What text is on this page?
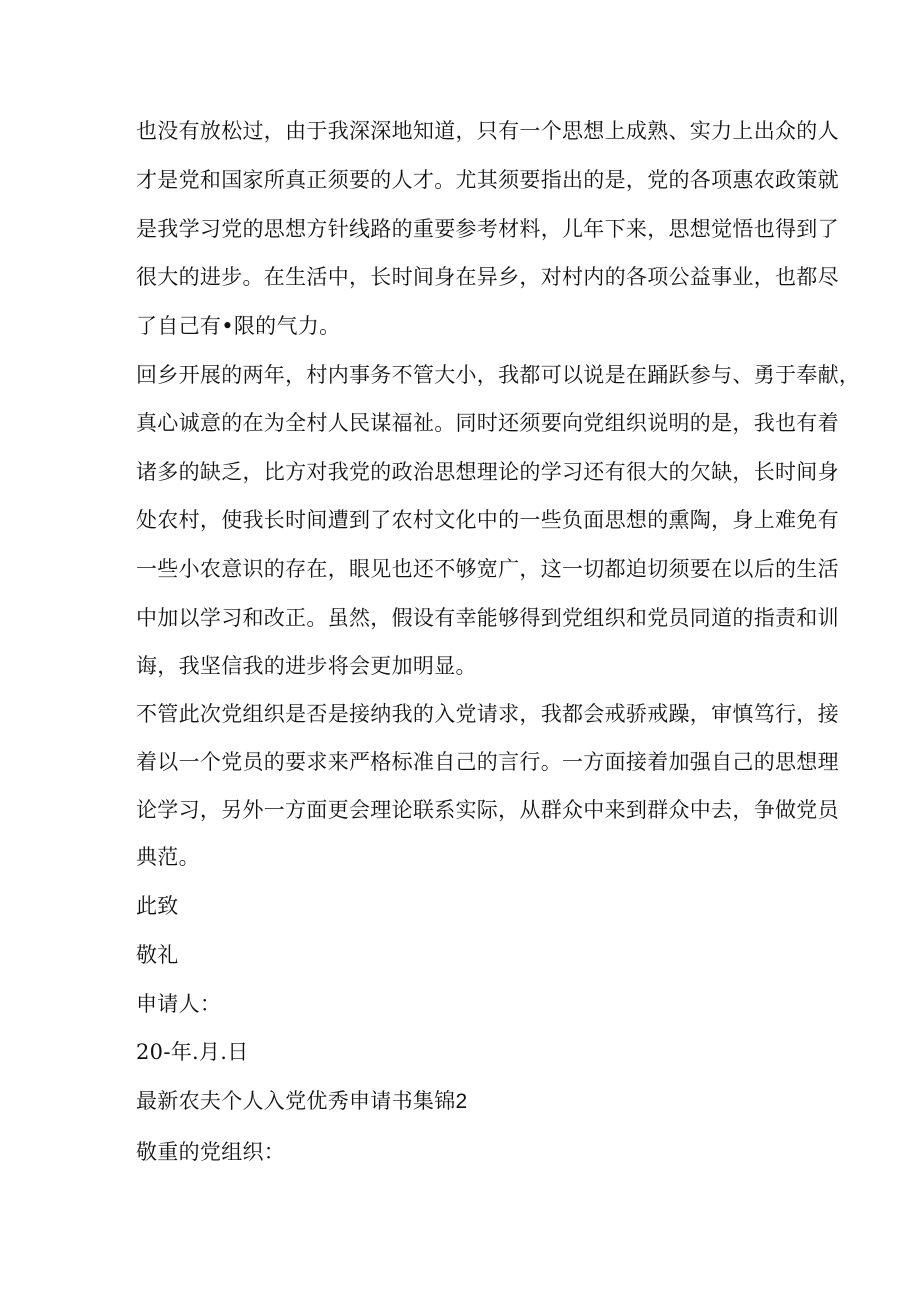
也没有放松过，由于我深深地知道，只有一个思想上成熟、实力上出众的人
才是党和国家所真正须要的人才。尤其须要指出的是，党的各项惠农政策就
是我学习党的思想方针线路的重要参考材料，儿年下来，思想觉悟也得到了
很大的进步。在生活中，长时间身在异乡，对村内的各项公益事业，也都尽
了自己有•限的气力。
回乡开展的两年，村内事务不管大小，我都可以说是在踊跃参与、勇于奉献，
真心诚意的在为全村人民谋福祉。同时还须要向党组织说明的是，我也有着
诸多的缺乏，比方对我党的政治思想理论的学习还有很大的欠缺，长时间身
处农村，使我长时间遭到了农村文化中的一些负面思想的熏陶，身上难免有
一些小农意识的存在，眼见也还不够宽广，这一切都迫切须要在以后的生活
中加以学习和改正。虽然，假设有幸能够得到党组织和党员同道的指责和训
诲，我坚信我的进步将会更加明显。
不管此次党组织是否是接纳我的入党请求，我都会戒骄戒躁，审慎笃行，接
着以一个党员的要求来严格标准自己的言行。一方面接着加强自己的思想理
论学习，另外一方面更会理论联系实际，从群众中来到群众中去，争做党员
典范。
此致
敬礼
申请人：
20-年.月.日
最新农夫个人入党优秀申请书集锦2
敬重的党组织：
